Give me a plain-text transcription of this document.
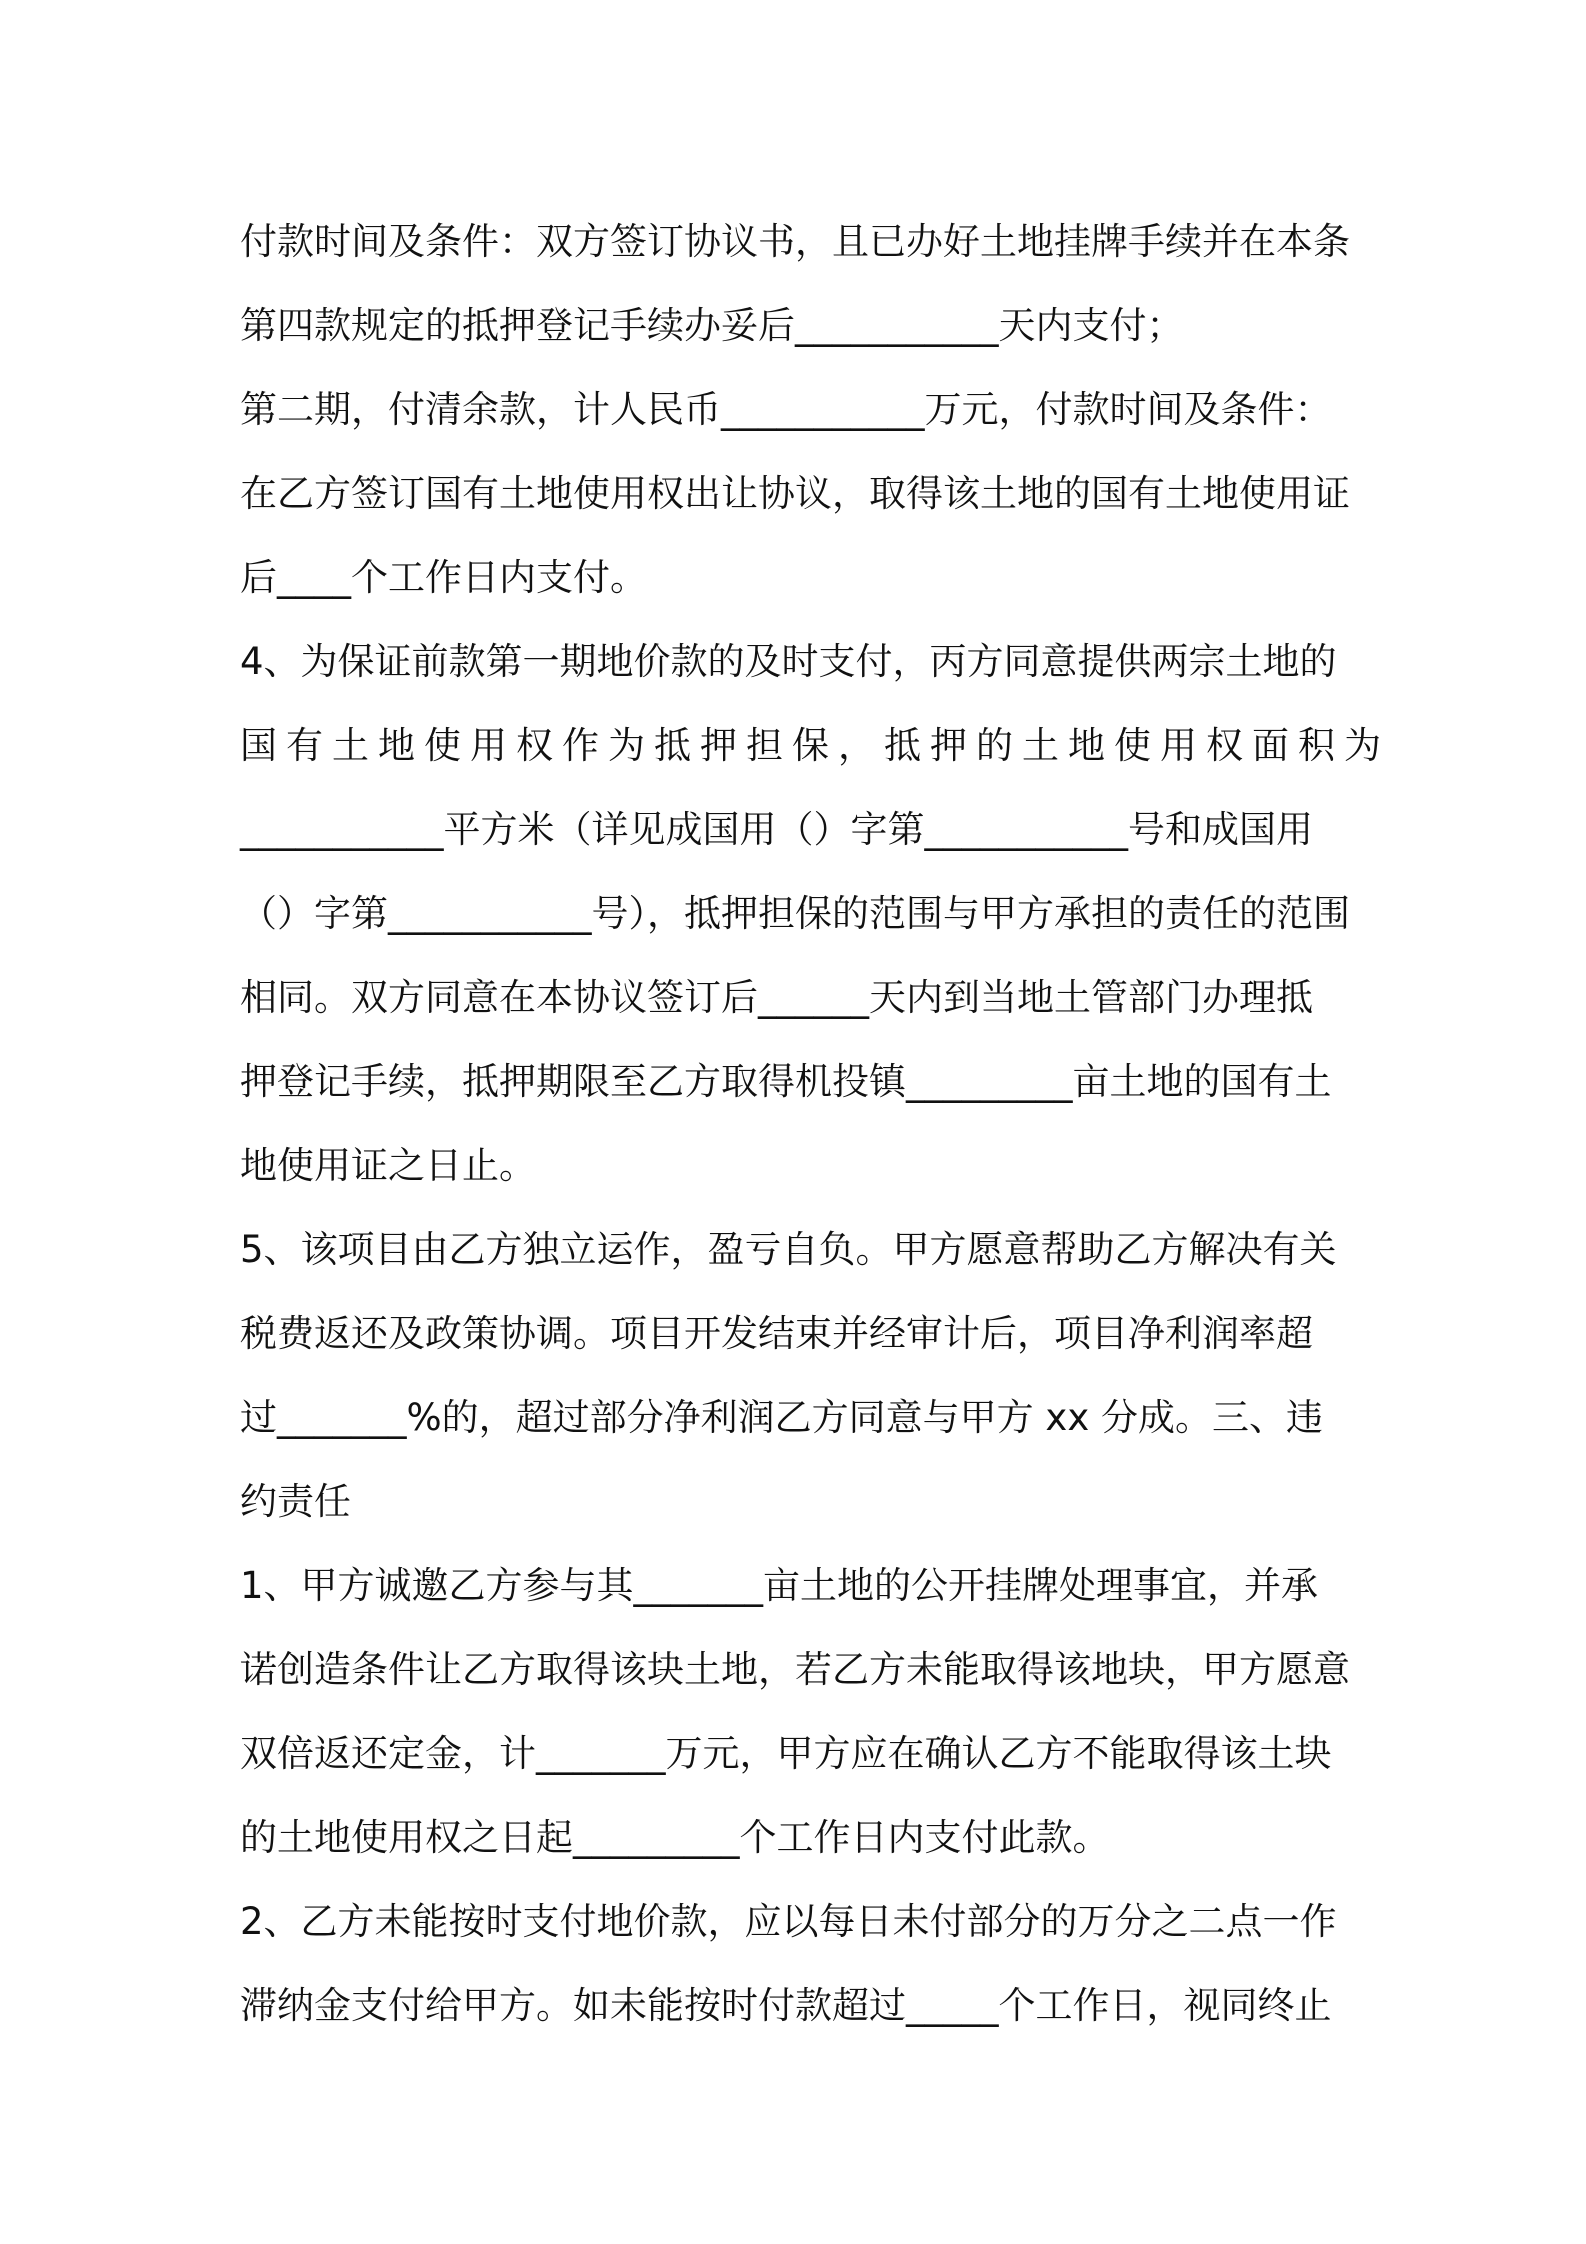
付款时间及条件：双方签订协议书，且已办好土地挂牌手续并在本条
第四款规定的抵押登记手续办妥后___________天内支付；
第二期，付清余款，计人民币___________万元，付款时间及条件：
在乙方签订国有土地使用权出让协议，取得该土地的国有土地使用证
后____个工作日内支付。
4、为保证前款第一期地价款的及时支付，丙方同意提供两宗土地的
国有土地使用权作为抵押担保，抵押的土地使用权面积为
___________平方米（详见成国用（）字第___________号和成国用
（）字第___________号），抵押担保的范围与甲方承担的责任的范围
相同。双方同意在本协议签订后______天内到当地土管部门办理抵
押登记手续，抵押期限至乙方取得机投镇_________亩土地的国有土
地使用证之日止。
5、该项目由乙方独立运作，盈亏自负。甲方愿意帮助乙方解决有关
税费返还及政策协调。项目开发结束并经审计后，项目净利润率超
过_______%的，超过部分净利润乙方同意与甲方 xx 分成。三、违
约责任
1、甲方诚邀乙方参与其_______亩土地的公开挂牌处理事宜，并承
诺创造条件让乙方取得该块土地，若乙方未能取得该地块，甲方愿意
双倍返还定金，计_______万元，甲方应在确认乙方不能取得该土块
的土地使用权之日起_________个工作日内支付此款。
2、乙方未能按时支付地价款，应以每日未付部分的万分之二点一作
滞纳金支付给甲方。如未能按时付款超过_____个工作日，视同终止
